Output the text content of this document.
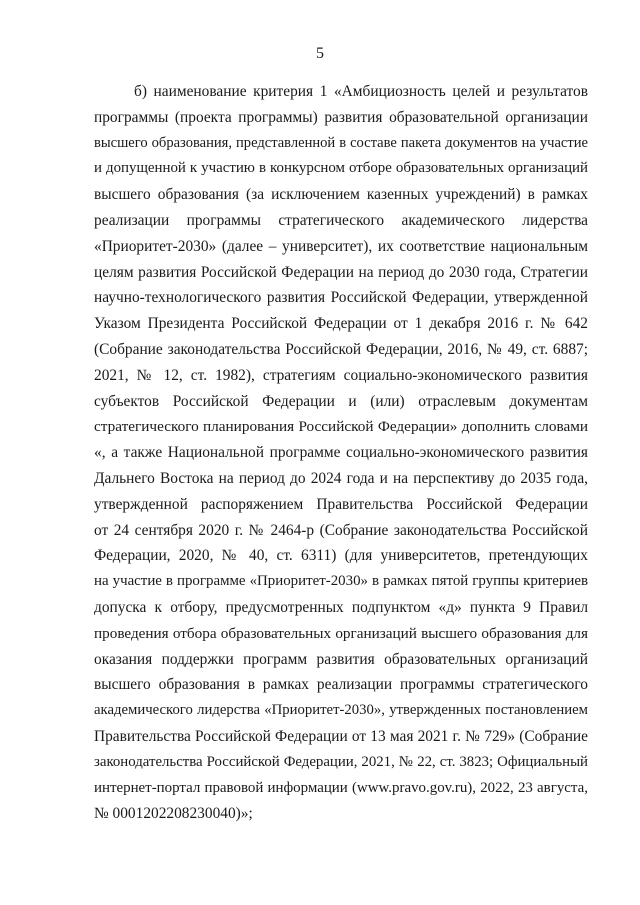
5
б) наименование критерия 1 «Амбициозность целей и результатов
программы (проекта программы) развития образовательной организации
высшего образования, представленной в составе пакета документов на участие
и допущенной к участию в конкурсном отборе образовательных организаций
высшего образования (за исключением казенных учреждений) в рамках
реализации программы стратегического академического лидерства
«Приоритет-2030» (далее – университет), их соответствие национальным
целям развития Российской Федерации на период до 2030 года, Стратегии
научно-технологического развития Российской Федерации, утвержденной
Указом Президента Российской Федерации от 1 декабря 2016 г. № 642
(Собрание законодательства Российской Федерации, 2016, № 49, ст. 6887;
2021, № 12, ст. 1982), стратегиям социально-экономического развития
субъектов Российской Федерации и (или) отраслевым документам
стратегического планирования Российской Федерации» дополнить словами
«, а также Национальной программе социально-экономического развития
Дальнего Востока на период до 2024 года и на перспективу до 2035 года,
утвержденной распоряжением Правительства Российской Федерации
от 24 сентября 2020 г. № 2464-р (Собрание законодательства Российской
Федерации, 2020, № 40, ст. 6311) (для университетов, претендующих
на участие в программе «Приоритет-2030» в рамках пятой группы критериев
допуска к отбору, предусмотренных подпунктом «д» пункта 9 Правил
проведения отбора образовательных организаций высшего образования для
оказания поддержки программ развития образовательных организаций
высшего образования в рамках реализации программы стратегического
академического лидерства «Приоритет-2030», утвержденных постановлением
Правительства Российской Федерации от 13 мая 2021 г. № 729» (Собрание
законодательства Российской Федерации, 2021, № 22, ст. 3823; Официальный
интернет-портал правовой информации (www.pravo.gov.ru), 2022, 23 августа,
№ 0001202208230040)»;
